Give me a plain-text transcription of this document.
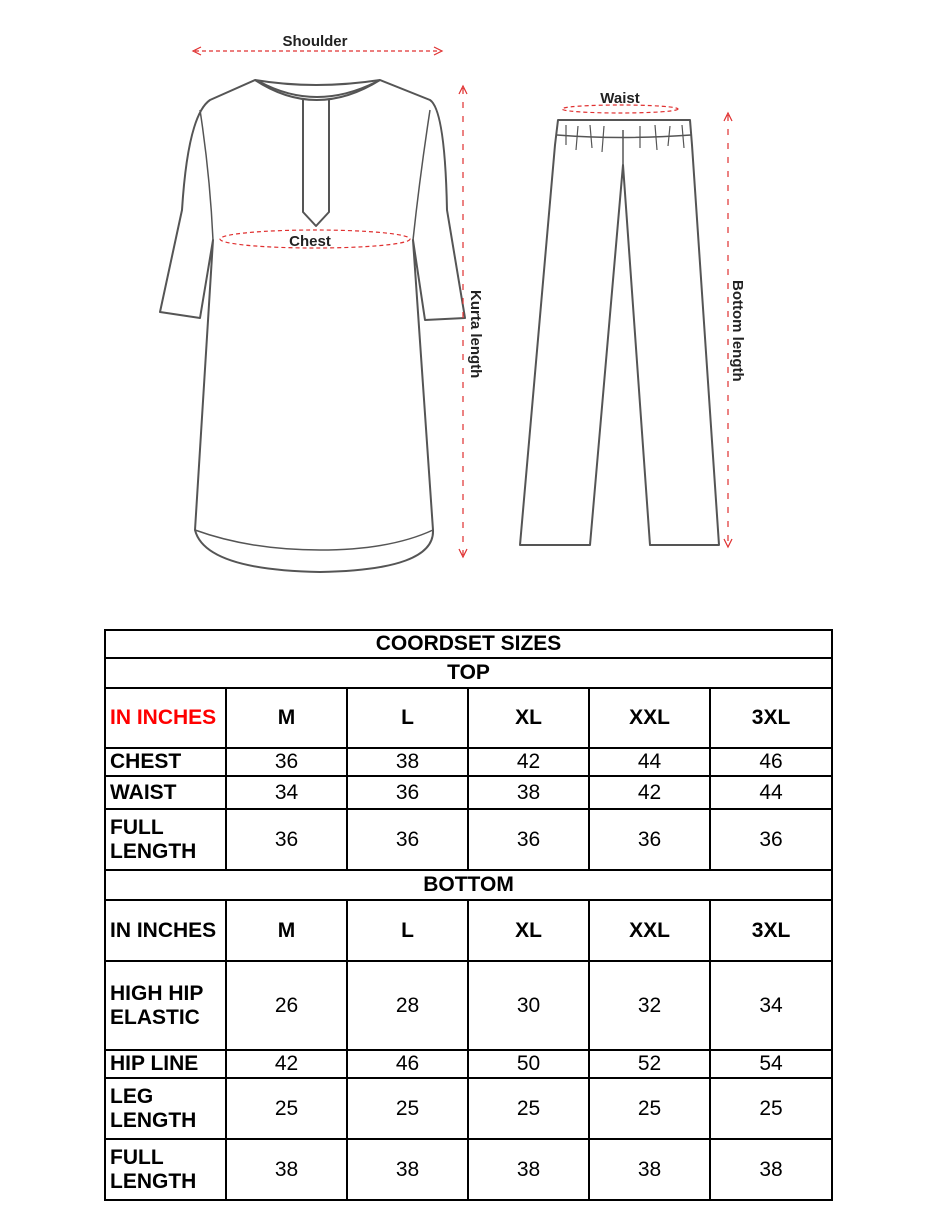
Shoulder
Chest
Kurta length
Waist
Bottom length
COORDSET SIZES					
TOP					
IN INCHES	M	L	XL	XXL	3XL
CHEST	36	38	42	44	46
WAIST	34	36	38	42	44
FULL LENGTH	36	36	36	36	36
BOTTOM					
IN INCHES	M	L	XL	XXL	3XL
HIGH HIP ELASTIC	26	28	30	32	34
HIP LINE	42	46	50	52	54
LEG LENGTH	25	25	25	25	25
FULL LENGTH	38	38	38	38	38
